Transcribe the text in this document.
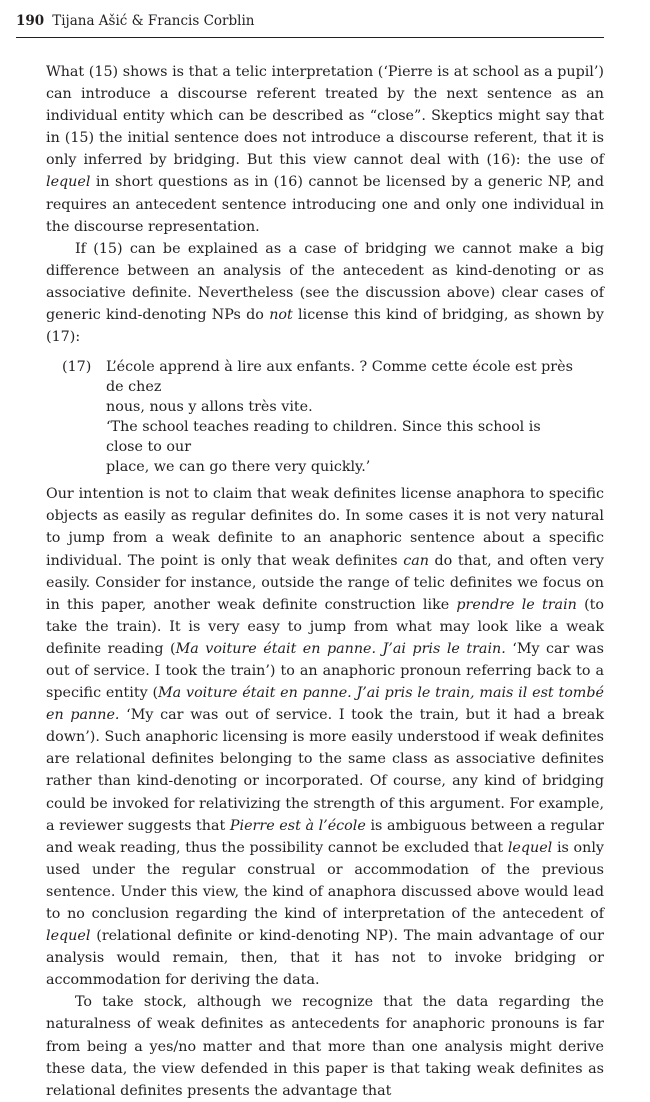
190 Tijana Ašić & Francis Corblin

What (15) shows is that a telic interpretation (‘Pierre is at school as a pupil’) can introduce a discourse referent treated by the next sentence as an individual entity which can be described as “close”. Skeptics might say that in (15) the initial sentence does not introduce a discourse referent, that it is only inferred by bridging. But this view cannot deal with (16): the use of lequel in short questions as in (16) cannot be licensed by a generic NP, and requires an antecedent sentence introducing one and only one individual in the discourse representation.

If (15) can be explained as a case of bridging we cannot make a big difference between an analysis of the antecedent as kind-denoting or as associative definite. Nevertheless (see the discussion above) clear cases of generic kind-denoting NPs do not license this kind of bridging, as shown by (17):

(17)	L’école apprend à lire aux enfants. ? Comme cette école est près de chez
nous, nous y allons très vite.
‘The school teaches reading to children. Since this school is close to our
place, we can go there very quickly.’

Our intention is not to claim that weak definites license anaphora to specific objects as easily as regular definites do. In some cases it is not very natural to jump from a weak definite to an anaphoric sentence about a specific individual. The point is only that weak definites can do that, and often very easily. Consider for instance, outside the range of telic definites we focus on in this paper, another weak definite construction like prendre le train (to take the train). It is very easy to jump from what may look like a weak definite reading (Ma voiture était en panne. J’ai pris le train. ‘My car was out of service. I took the train’) to an anaphoric pronoun referring back to a specific entity (Ma voiture était en panne. J’ai pris le train, mais il est tombé en panne. ‘My car was out of service. I took the train, but it had a break down’). Such anaphoric licensing is more easily understood if weak definites are relational definites belonging to the same class as associative definites rather than kind-denoting or incorporated. Of course, any kind of bridging could be invoked for relativizing the strength of this argument. For example, a reviewer suggests that Pierre est à l’école is ambiguous between a regular and weak reading, thus the possibility cannot be excluded that lequel is only used under the regular construal or accommodation of the previous sentence. Under this view, the kind of anaphora discussed above would lead to no conclusion regarding the kind of interpretation of the antecedent of lequel (relational definite or kind-denoting NP). The main advantage of our analysis would remain, then, that it has not to invoke bridging or accommodation for deriving the data.

To take stock, although we recognize that the data regarding the naturalness of weak definites as antecedents for anaphoric pronouns is far from being a yes/no matter and that more than one analysis might derive these data, the view defended in this paper is that taking weak definites as relational definites presents the advantage that
